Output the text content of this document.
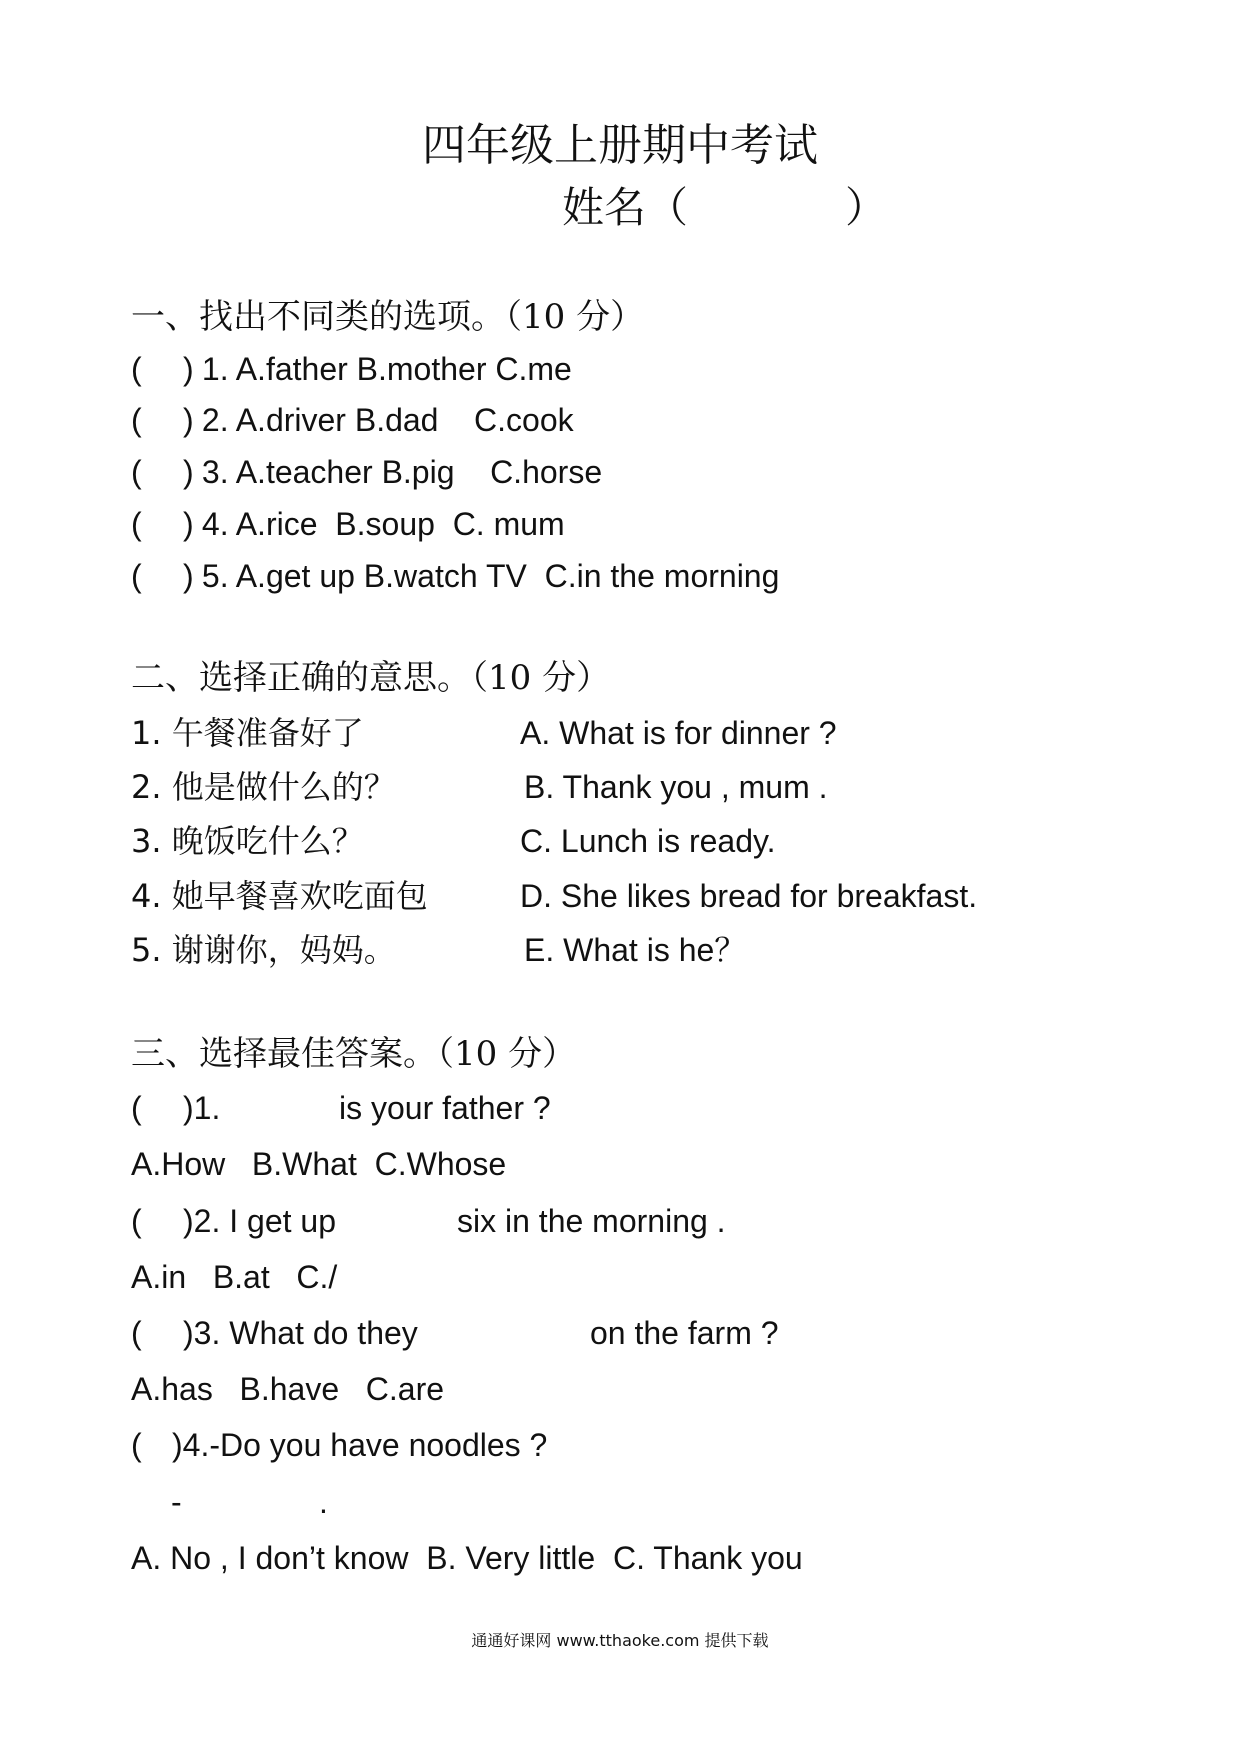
四年级上册期中考试
姓名（	）
一、找出不同类的选项。（10 分）
( ) 1. A.father B.mother C.me
( ) 2. A.driver B.dad    C.cook
( ) 3. A.teacher B.pig    C.horse
( ) 4. A.rice  B.soup  C. mum
( ) 5. A.get up B.watch TV  C.in the morning
二、选择正确的意思。（10 分）
1. 午餐准备好了	A. What is for dinner ?
2. 他是做什么的？	B. Thank you , mum .
3. 晚饭吃什么？	C. Lunch is ready.
4. 她早餐喜欢吃面包	D. She likes bread for breakfast.
5. 谢谢你，妈妈。	E. What is he？
三、选择最佳答案。（10 分）
( ) 1.	is your father ?
A.How   B.What  C.Whose
( ) 2. I get up	six in the morning .
A.in   B.at   C./
( ) 3. What do they	on the farm ?
A.has   B.have   C.are
( ) 4.-Do you have noodles ?
-	.
A. No , I don’t know  B. Very little  C. Thank you
通通好课网 www.tthaoke.com 提供下载
